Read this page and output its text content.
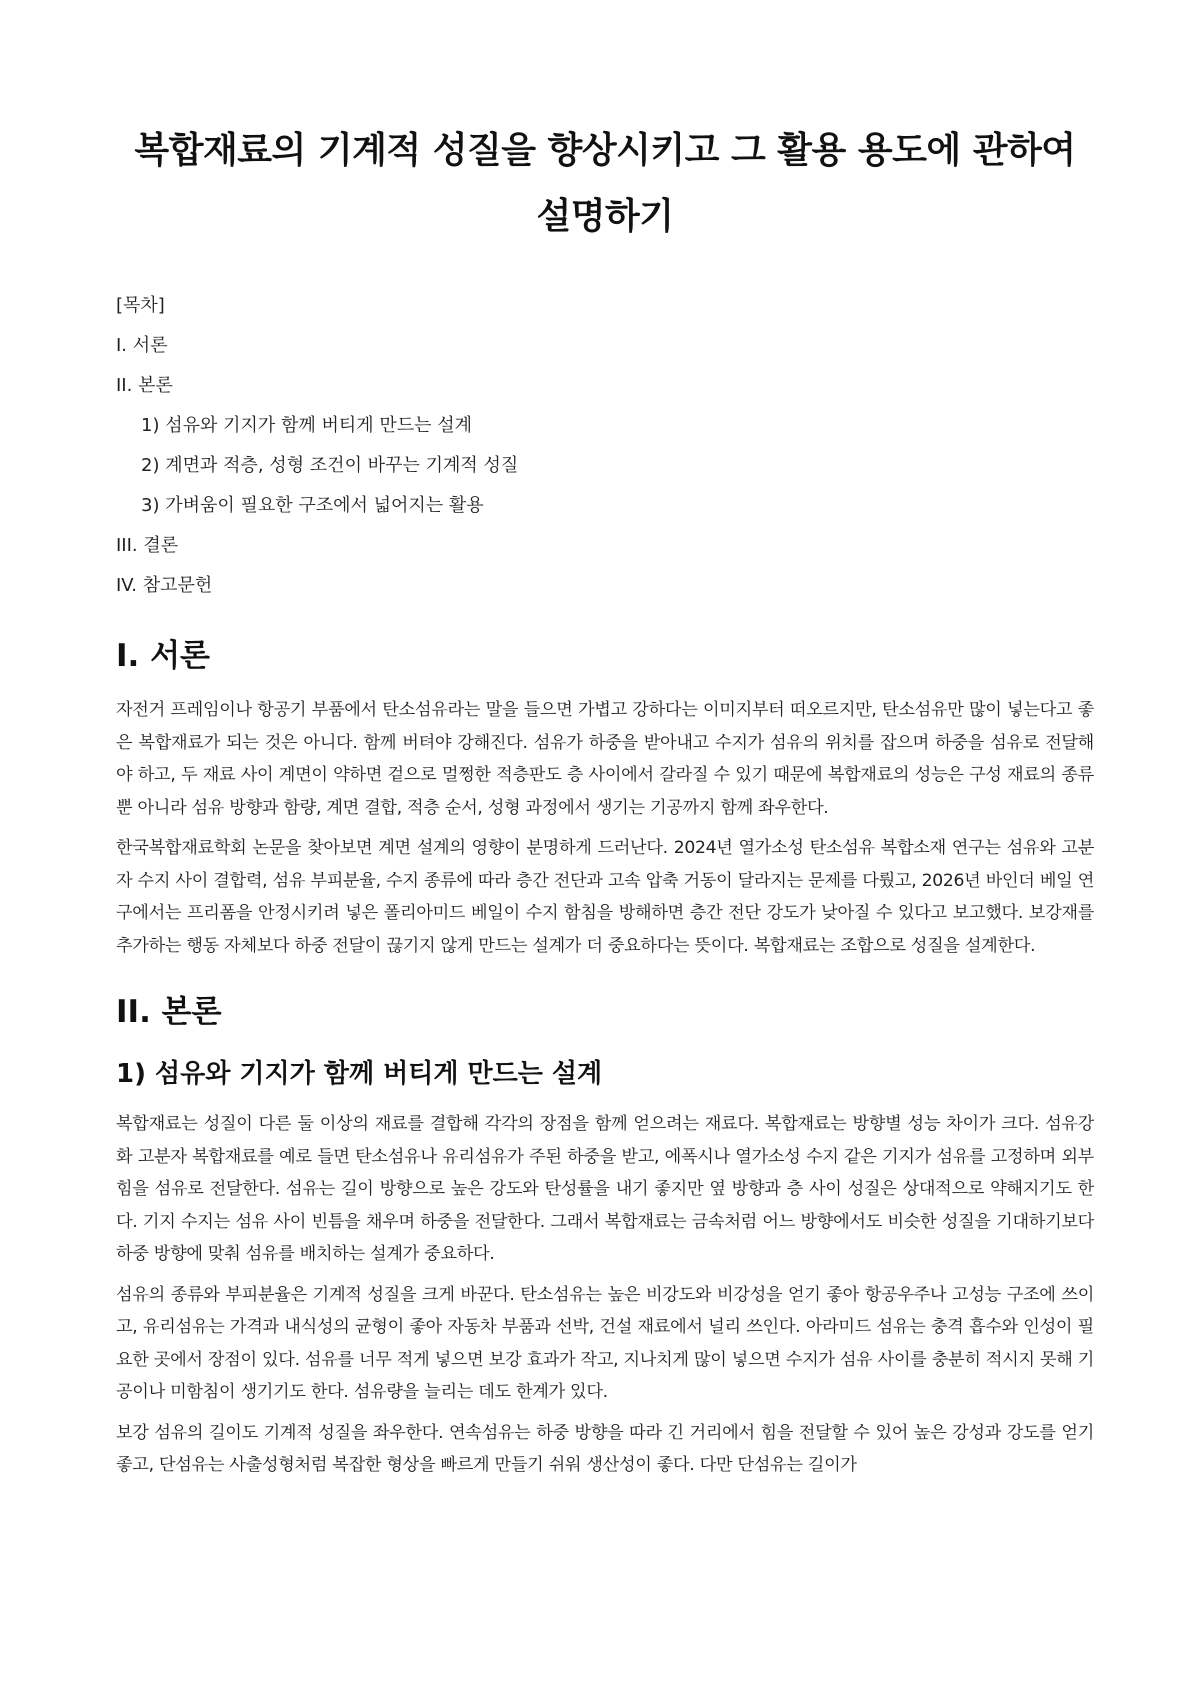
복합재료의 기계적 성질을 향상시키고 그 활용 용도에 관하여 설명하기

[목차]

I. 서론
II. 본론
1) 섬유와 기지가 함께 버티게 만드는 설계
2) 계면과 적층, 성형 조건이 바꾸는 기계적 성질
3) 가벼움이 필요한 구조에서 넓어지는 활용
III. 결론
IV. 참고문헌
I. 서론

자전거 프레임이나 항공기 부품에서 탄소섬유라는 말을 들으면 가볍고 강하다는 이미지부터 떠오르지만, 탄소섬유만 많이 넣는다고 좋은 복합재료가 되는 것은 아니다. 함께 버텨야 강해진다. 섬유가 하중을 받아내고 수지가 섬유의 위치를 잡으며 하중을 섬유로 전달해야 하고, 두 재료 사이 계면이 약하면 겉으로 멀쩡한 적층판도 층 사이에서 갈라질 수 있기 때문에 복합재료의 성능은 구성 재료의 종류뿐 아니라 섬유 방향과 함량, 계면 결합, 적층 순서, 성형 과정에서 생기는 기공까지 함께 좌우한다.

한국복합재료학회 논문을 찾아보면 계면 설계의 영향이 분명하게 드러난다. 2024년 열가소성 탄소섬유 복합소재 연구는 섬유와 고분자 수지 사이 결합력, 섬유 부피분율, 수지 종류에 따라 층간 전단과 고속 압축 거동이 달라지는 문제를 다뤘고, 2026년 바인더 베일 연구에서는 프리폼을 안정시키려 넣은 폴리아미드 베일이 수지 함침을 방해하면 층간 전단 강도가 낮아질 수 있다고 보고했다. 보강재를 추가하는 행동 자체보다 하중 전달이 끊기지 않게 만드는 설계가 더 중요하다는 뜻이다. 복합재료는 조합으로 성질을 설계한다.

II. 본론
1) 섬유와 기지가 함께 버티게 만드는 설계

복합재료는 성질이 다른 둘 이상의 재료를 결합해 각각의 장점을 함께 얻으려는 재료다. 복합재료는 방향별 성능 차이가 크다. 섬유강화 고분자 복합재료를 예로 들면 탄소섬유나 유리섬유가 주된 하중을 받고, 에폭시나 열가소성 수지 같은 기지가 섬유를 고정하며 외부 힘을 섬유로 전달한다. 섬유는 길이 방향으로 높은 강도와 탄성률을 내기 좋지만 옆 방향과 층 사이 성질은 상대적으로 약해지기도 한다. 기지 수지는 섬유 사이 빈틈을 채우며 하중을 전달한다. 그래서 복합재료는 금속처럼 어느 방향에서도 비슷한 성질을 기대하기보다 하중 방향에 맞춰 섬유를 배치하는 설계가 중요하다.

섬유의 종류와 부피분율은 기계적 성질을 크게 바꾼다. 탄소섬유는 높은 비강도와 비강성을 얻기 좋아 항공우주나 고성능 구조에 쓰이고, 유리섬유는 가격과 내식성의 균형이 좋아 자동차 부품과 선박, 건설 재료에서 널리 쓰인다. 아라미드 섬유는 충격 흡수와 인성이 필요한 곳에서 장점이 있다. 섬유를 너무 적게 넣으면 보강 효과가 작고, 지나치게 많이 넣으면 수지가 섬유 사이를 충분히 적시지 못해 기공이나 미함침이 생기기도 한다. 섬유량을 늘리는 데도 한계가 있다.

보강 섬유의 길이도 기계적 성질을 좌우한다. 연속섬유는 하중 방향을 따라 긴 거리에서 힘을 전달할 수 있어 높은 강성과 강도를 얻기 좋고, 단섬유는 사출성형처럼 복잡한 형상을 빠르게 만들기 쉬워 생산성이 좋다. 다만 단섬유는 길이가
